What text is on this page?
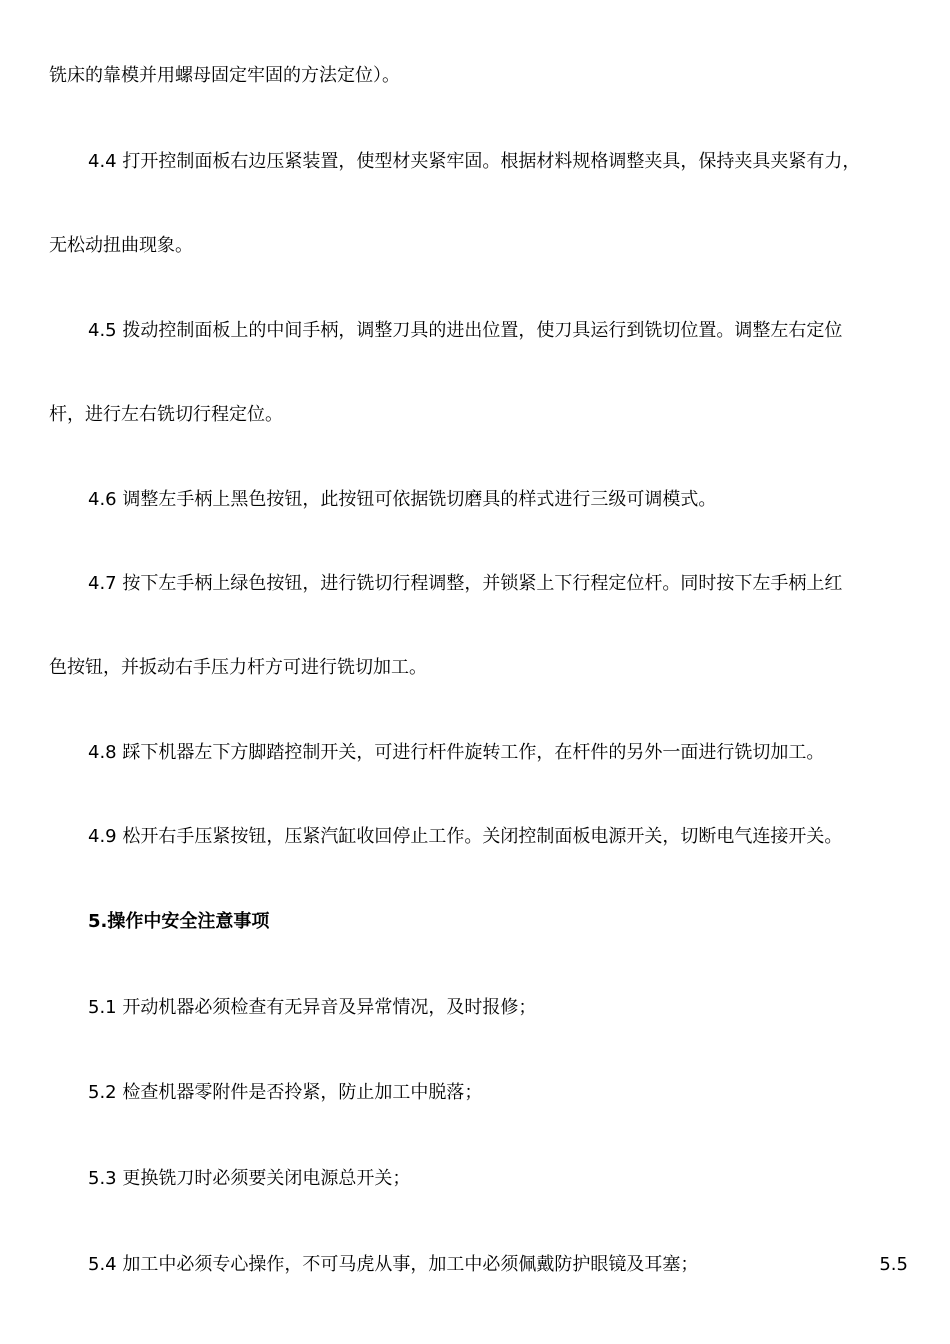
铣床的靠模并用螺母固定牢固的方法定位）。
4.4 打开控制面板右边压紧装置，使型材夹紧牢固。根据材料规格调整夹具，保持夹具夹紧有力，
无松动扭曲现象。
4.5 拨动控制面板上的中间手柄，调整刀具的进出位置，使刀具运行到铣切位置。调整左右定位
杆，进行左右铣切行程定位。
4.6 调整左手柄上黑色按钮，此按钮可依据铣切磨具的样式进行三级可调模式。
4.7 按下左手柄上绿色按钮，进行铣切行程调整，并锁紧上下行程定位杆。同时按下左手柄上红
色按钮，并扳动右手压力杆方可进行铣切加工。
4.8 踩下机器左下方脚踏控制开关，可进行杆件旋转工作，在杆件的另外一面进行铣切加工。
4.9 松开右手压紧按钮，压紧汽缸收回停止工作。关闭控制面板电源开关，切断电气连接开关。
5.操作中安全注意事项
5.1 开动机器必须检查有无异音及异常情况，及时报修；
5.2 检查机器零附件是否拎紧，防止加工中脱落；
5.3 更换铣刀时必须要关闭电源总开关；
5.4 加工中必须专心操作，不可马虎从事，加工中必须佩戴防护眼镜及耳塞；	5.5
